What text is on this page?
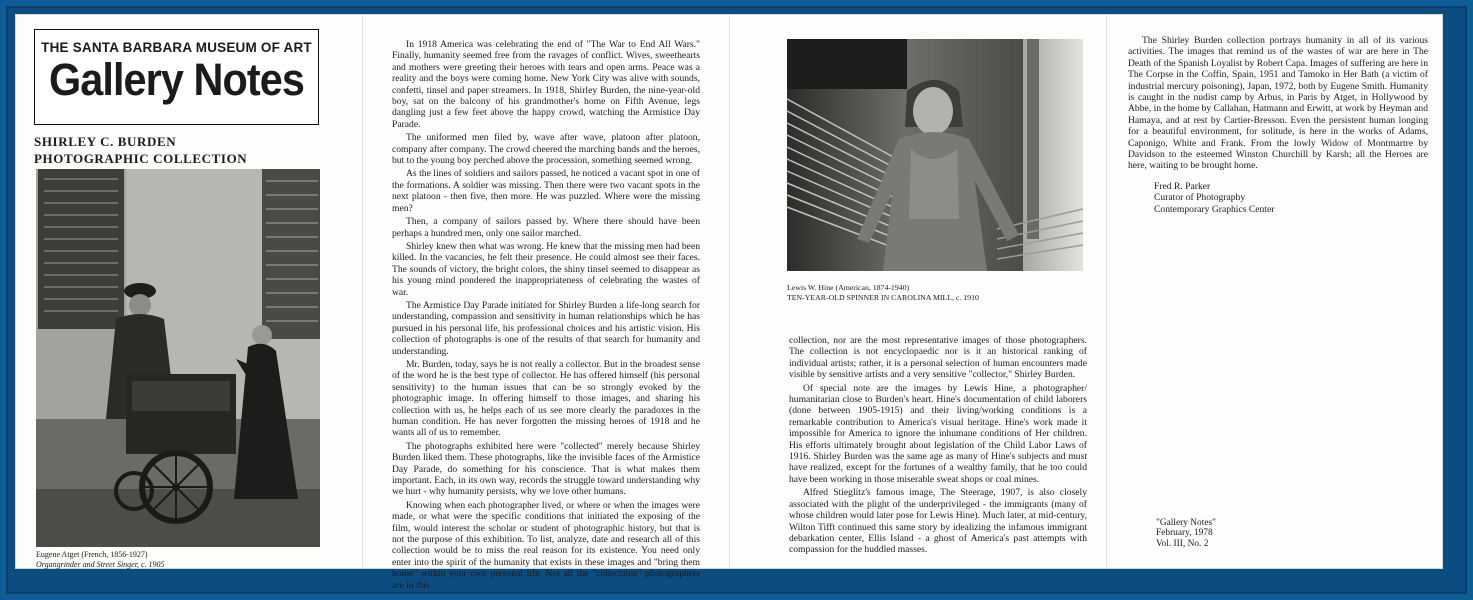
THE SANTA BARBARA MUSEUM OF ART
Gallery Notes
SHIRLEY C. BURDEN
PHOTOGRAPHIC COLLECTION
Eugene Atget (French, 1856-1927)
Organgrinder and Street Singer, c. 1905

In 1918 America was celebrating the end of "The War to End All Wars." Finally, humanity seemed free from the ravages of conflict. Wives, sweethearts and mothers were greeting their heroes with tears and open arms. Peace was a reality and the boys were coming home. New York City was alive with sounds, confetti, tinsel and paper streamers. In 1918, Shirley Burden, the nine-year-old boy, sat on the balcony of his grandmother's home on Fifth Avenue, legs dangling just a few feet above the happy crowd, watching the Armistice Day Parade.

The uniformed men filed by, wave after wave, platoon after platoon, company after company. The crowd cheered the marching bands and the heroes, but to the young boy perched above the procession, something seemed wrong.

As the lines of soldiers and sailors passed, he noticed a vacant spot in one of the formations. A soldier was missing. Then there were two vacant spots in the next platoon - then five, then more. He was puzzled. Where were the missing men?

Then, a company of sailors passed by. Where there should have been perhaps a hundred men, only one sailor marched.

Shirley knew then what was wrong. He knew that the missing men had been killed. In the vacancies, he felt their presence. He could almost see their faces. The sounds of victory, the bright colors, the shiny tinsel seemed to disappear as his young mind pondered the inappropriateness of celebrating the wastes of war.

The Armistice Day Parade initiated for Shirley Burden a life-long search for understanding, compassion and sensitivity in human relationships which he has pursued in his personal life, his professional choices and his artistic vision. His collection of photographs is one of the results of that search for humanity and understanding.

Mr. Burden, today, says he is not really a collector. But in the broadest sense of the word he is the best type of collector. He has offered himself (his personal sensitivity) to the human issues that can be so strongly evoked by the photographic image. In offering himself to those images, and sharing his collection with us, he helps each of us see more clearly the paradoxes in the human condition. He has never forgotten the missing heroes of 1918 and he wants all of us to remember.

The photographs exhibited here were "collected" merely because Shirley Burden liked them. These photographs, like the invisible faces of the Armistice Day Parade, do something for his conscience. That is what makes them important. Each, in its own way, records the struggle toward understanding why we hurt - why humanity persists, why we love other humans.

Knowing when each photographer lived, or where or when the images were made, or what were the specific conditions that initiated the exposing of the film, would interest the scholar or student of photographic history, but that is not the purpose of this exhibition. To list, analyze, date and research all of this collection would be to miss the real reason for its existence. You need only enter into the spirit of the humanity that exists in these images and "bring them home" within your own personal life. Not all the "collectable" photographers are in this

Lewis W. Hine (American, 1874-1940)
TEN-YEAR-OLD SPINNER IN CAROLINA MILL, c. 1910

collection, nor are the most representative images of those photographers. The collection is not encyclopaedic nor is it an historical ranking of individual artists; rather, it is a personal selection of human encounters made visible by sensitive artists and a very sensitive "collector," Shirley Burden.

Of special note are the images by Lewis Hine, a photographer/ humanitarian close to Burden's heart. Hine's documentation of child laborers (done between 1905-1915) and their living/working conditions is a remarkable contribution to America's visual heritage. Hine's work made it impossible for America to ignore the inhumane conditions of Her children. His efforts ultimately brought about legislation of the Child Labor Laws of 1916. Shirley Burden was the same age as many of Hine's subjects and must have realized, except for the fortunes of a wealthy family, that he too could have been working in those miserable sweat shops or coal mines.

Alfred Stieglitz's famous image, The Steerage, 1907, is also closely associated with the plight of the underprivileged - the immigrants (many of whose children would later pose for Lewis Hine). Much later, at mid-century, Wilton Tifft continued this same story by idealizing the infamous immigrant debarkation center, Ellis Island - a ghost of America's past attempts with compassion for the huddled masses.

The Shirley Burden collection portrays humanity in all of its various activities. The images that remind us of the wastes of war are here in The Death of the Spanish Loyalist by Robert Capa. Images of suffering are here in The Corpse in the Coffin, Spain, 1951 and Tamoko in Her Bath (a victim of industrial mercury poisoning), Japan, 1972, both by Eugene Smith. Humanity is caught in the nudist camp by Arbus, in Paris by Atget, in Hollywood by Abbe, in the home by Callahan, Hatmann and Erwitt, at work by Heyman and Hamaya, and at rest by Cartier-Bresson. Even the persistent human longing for a beautiful environment, for solitude, is here in the works of Adams, Caponigo, White and Frank. From the lowly Widow of Montmartre by Davidson to the esteemed Winston Churchill by Karsh; all the Heroes are here, waiting to be brought home.

Fred R. Parker
Curator of Photography
Contemporary Graphics Center
"Gallery Notes"
February, 1978
Vol. III, No. 2
